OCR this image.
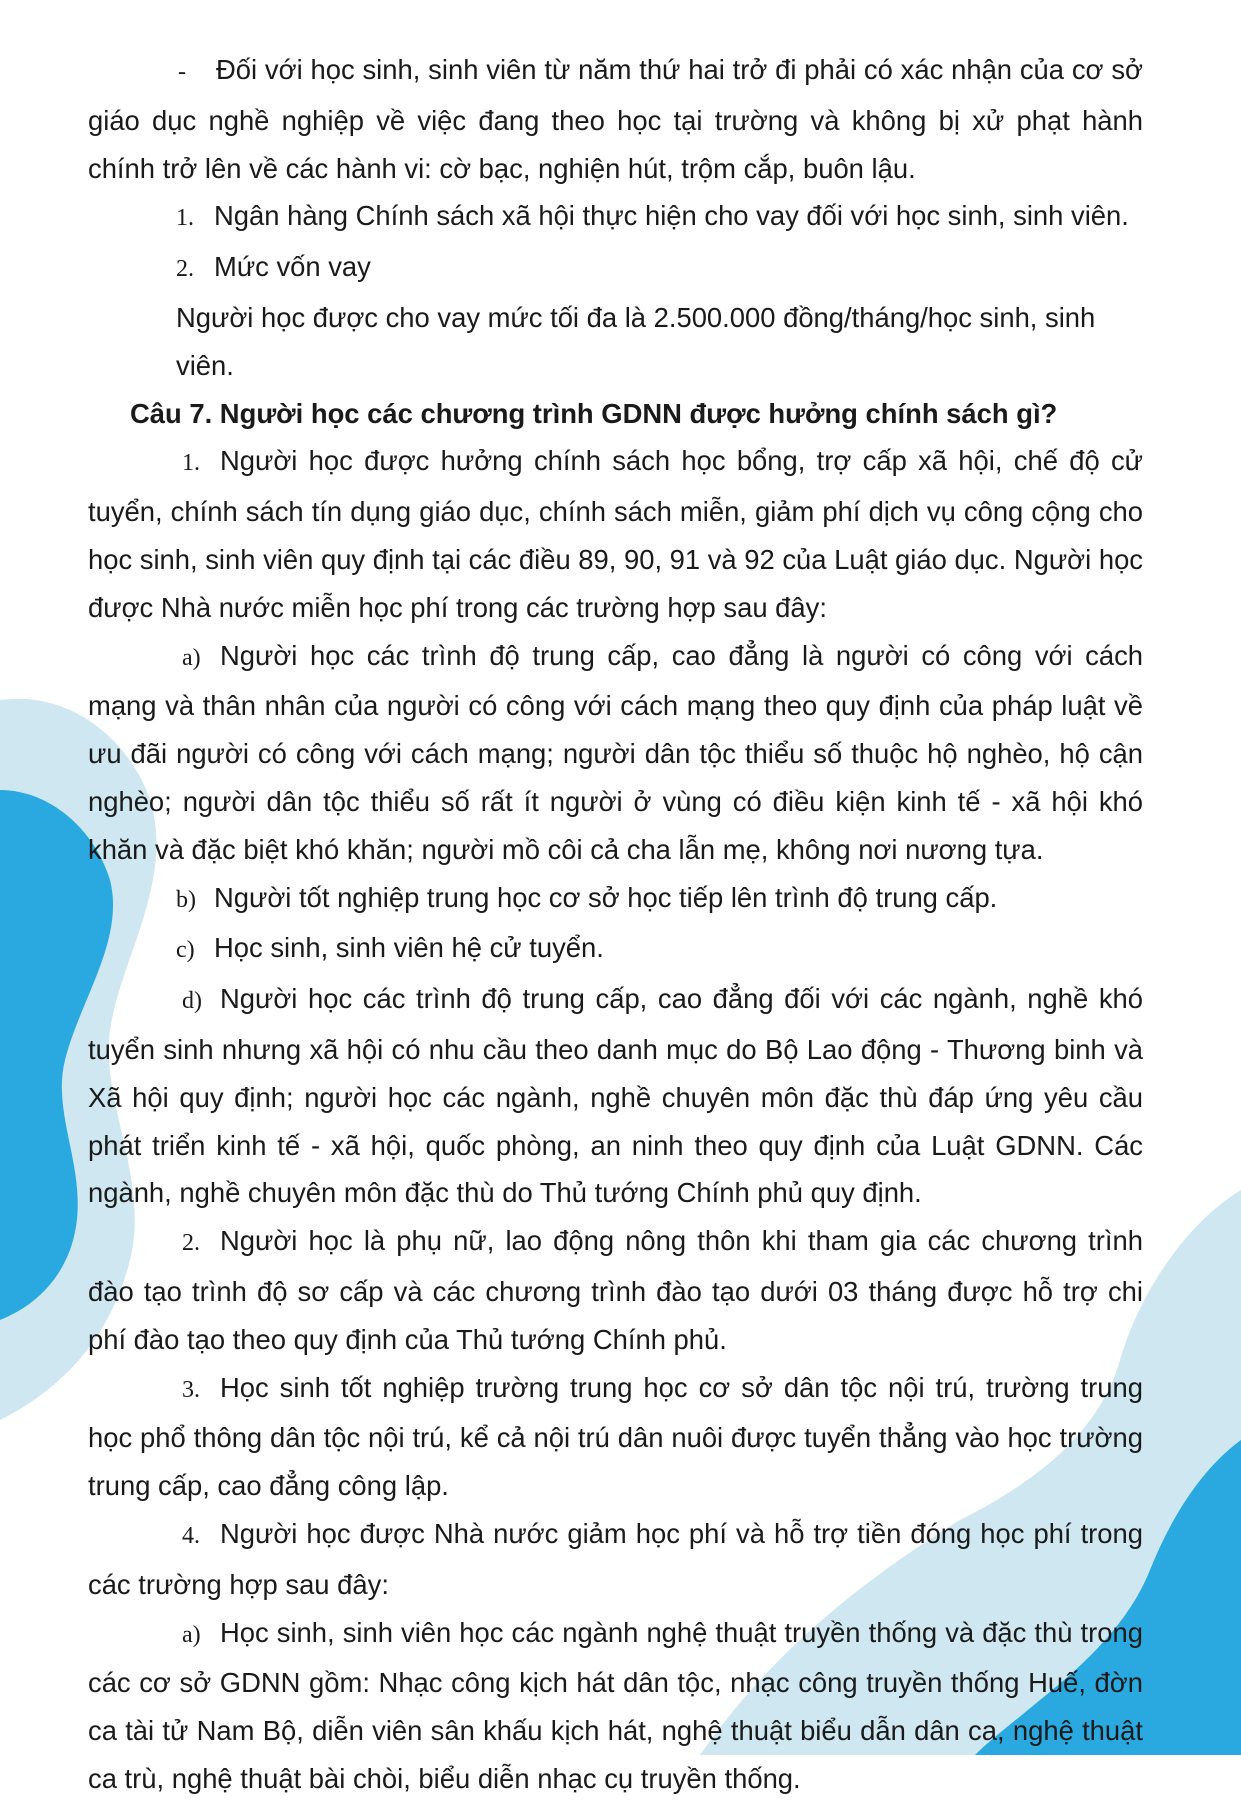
- Đối với học sinh, sinh viên từ năm thứ hai trở đi phải có xác nhận của cơ sở giáo dục nghề nghiệp về việc đang theo học tại trường và không bị xử phạt hành chính trở lên về các hành vi: cờ bạc, nghiện hút, trộm cắp, buôn lậu.

1. Ngân hàng Chính sách xã hội thực hiện cho vay đối với học sinh, sinh viên.

2. Mức vốn vay

Người học được cho vay mức tối đa là 2.500.000 đồng/tháng/học sinh, sinh viên.

Câu 7. Người học các chương trình GDNN được hưởng chính sách gì?

1. Người học được hưởng chính sách học bổng, trợ cấp xã hội, chế độ cử tuyển, chính sách tín dụng giáo dục, chính sách miễn, giảm phí dịch vụ công cộng cho học sinh, sinh viên quy định tại các điều 89, 90, 91 và 92 của Luật giáo dục. Người học được Nhà nước miễn học phí trong các trường hợp sau đây:

a) Người học các trình độ trung cấp, cao đẳng là người có công với cách mạng và thân nhân của người có công với cách mạng theo quy định của pháp luật về ưu đãi người có công với cách mạng; người dân tộc thiểu số thuộc hộ nghèo, hộ cận nghèo; người dân tộc thiểu số rất ít người ở vùng có điều kiện kinh tế - xã hội khó khăn và đặc biệt khó khăn; người mồ côi cả cha lẫn mẹ, không nơi nương tựa.

b) Người tốt nghiệp trung học cơ sở học tiếp lên trình độ trung cấp.

c) Học sinh, sinh viên hệ cử tuyển.

d) Người học các trình độ trung cấp, cao đẳng đối với các ngành, nghề khó tuyển sinh nhưng xã hội có nhu cầu theo danh mục do Bộ Lao động - Thương binh và Xã hội quy định; người học các ngành, nghề chuyên môn đặc thù đáp ứng yêu cầu phát triển kinh tế - xã hội, quốc phòng, an ninh theo quy định của Luật GDNN. Các ngành, nghề chuyên môn đặc thù do Thủ tướng Chính phủ quy định.

2. Người học là phụ nữ, lao động nông thôn khi tham gia các chương trình đào tạo trình độ sơ cấp và các chương trình đào tạo dưới 03 tháng được hỗ trợ chi phí đào tạo theo quy định của Thủ tướng Chính phủ.

3. Học sinh tốt nghiệp trường trung học cơ sở dân tộc nội trú, trường trung học phổ thông dân tộc nội trú, kể cả nội trú dân nuôi được tuyển thẳng vào học trường trung cấp, cao đẳng công lập.

4. Người học được Nhà nước giảm học phí và hỗ trợ tiền đóng học phí trong các trường hợp sau đây:

a) Học sinh, sinh viên học các ngành nghệ thuật truyền thống và đặc thù trong các cơ sở GDNN gồm: Nhạc công kịch hát dân tộc, nhạc công truyền thống Huế, đờn ca tài tử Nam Bộ, diễn viên sân khấu kịch hát, nghệ thuật biểu dẫn dân ca, nghệ thuật ca trù, nghệ thuật bài chòi, biểu diễn nhạc cụ truyền thống.
